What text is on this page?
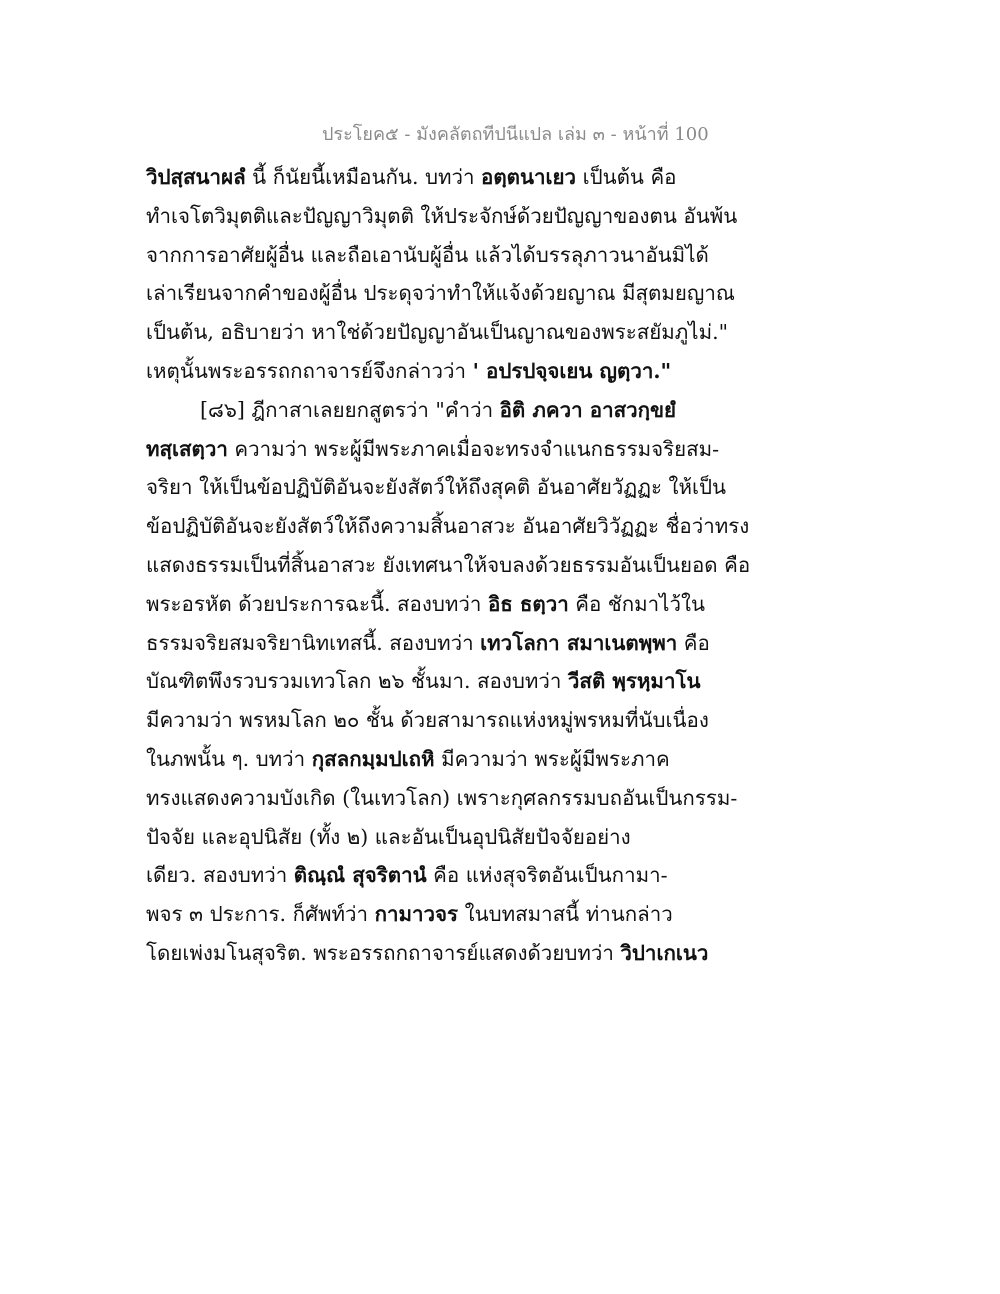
ประโยค๕ - มังคลัตถทีปนีแปล เล่ม ๓ - หน้าที่ 100
วิปสฺสนาผลํ นี้ ก็นัยนี้เหมือนกัน. บทว่า อตฺตนาเยว เป็นต้น คือ
ทำเจโตวิมุตติและปัญญาวิมุตติ ให้ประจักษ์ด้วยปัญญาของตน อันพ้น
จากการอาศัยผู้อื่น และถือเอานับผู้อื่น แล้วได้บรรลุภาวนาอันมิได้
เล่าเรียนจากคำของผู้อื่น ประดุจว่าทำให้แจ้งด้วยญาณ มีสุตมยญาณ
เป็นต้น, อธิบายว่า หาใช่ด้วยปัญญาอันเป็นญาณของพระสยัมภูไม่."
เหตุนั้นพระอรรถกถาจารย์จึงกล่าวว่า ' อปรปจฺจเยน ญตฺวา."
[๘๖] ฎีกาสาเลยยกสูตรว่า "คำว่า อิติ ภควา อาสวกฺขยํ
ทสฺเสตฺวา ความว่า พระผู้มีพระภาคเมื่อจะทรงจำแนกธรรมจริยสม-
จริยา ให้เป็นข้อปฏิบัติอันจะยังสัตว์ให้ถึงสุคติ อันอาศัยวัฏฏะ ให้เป็น
ข้อปฏิบัติอันจะยังสัตว์ให้ถึงความสิ้นอาสวะ อันอาศัยวิวัฏฏะ ชื่อว่าทรง
แสดงธรรมเป็นที่สิ้นอาสวะ ยังเทศนาให้จบลงด้วยธรรมอันเป็นยอด คือ
พระอรหัต ด้วยประการฉะนี้. สองบทว่า อิธ ธตฺวา คือ ชักมาไว้ใน
ธรรมจริยสมจริยานิทเทสนี้. สองบทว่า เทวโลกา สมาเนตพฺพา คือ
บัณฑิตพึงรวบรวมเทวโลก ๒๖ ชั้นมา. สองบทว่า วีสติ พฺรหฺมาโน
มีความว่า พรหมโลก ๒๐ ชั้น ด้วยสามารถแห่งหมู่พรหมที่นับเนื่อง
ในภพนั้น ๆ. บทว่า กุสลกมฺมปเถหิ มีความว่า พระผู้มีพระภาค
ทรงแสดงความบังเกิด (ในเทวโลก) เพราะกุศลกรรมบถอันเป็นกรรม-
ปัจจัย และอุปนิสัย (ทั้ง ๒) และอันเป็นอุปนิสัยปัจจัยอย่าง
เดียว. สองบทว่า ติณฺณํ สุจริตานํ คือ แห่งสุจริตอันเป็นกามา-
พจร ๓ ประการ. ก็ศัพท์ว่า กามาวจร ในบทสมาสนี้ ท่านกล่าว
โดยเพ่งมโนสุจริต. พระอรรถกถาจารย์แสดงด้วยบทว่า วิปาเกเนว
